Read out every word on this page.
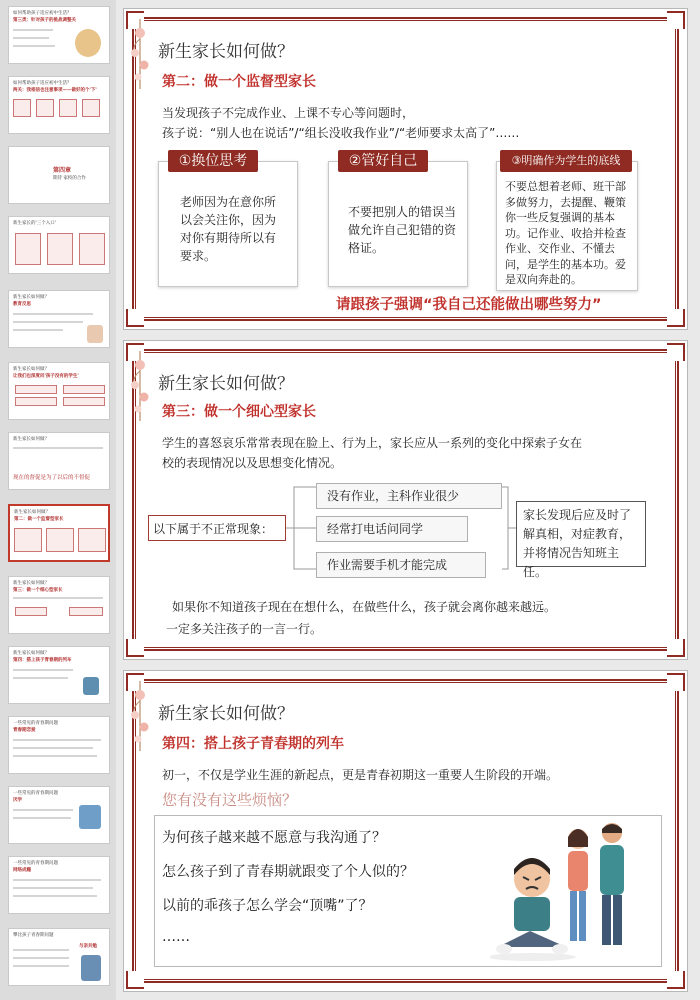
如何帮助孩子适应初中生活？
第三类：针对孩子的挑战调整关
如何帮助孩子适应初中生活？
两关：我相信也注意事项——做好的个'下'
第四章
期待 家校的合作
新生家长的'三个入口'
新生家长如何做？
教育反思
新生家长如何做？
让我们也深度问'孩子没有的学生'
新生家长如何做？
现在的督促是为了以后的不督促
新生家长如何做？
第二：做一个监督型家长
新生家长如何做？
第三：做一个细心型家长
新生家长如何做？
第四：搭上孩子青春期的列车
一些常见的青春期问题
青春期恋爱
一些常见的青春期问题
厌学
一些常见的青春期问题
网络成瘾
攀比孩子青春期问题
与亲共勉
新生家长如何做？
第二：做一个监督型家长
当发现孩子不完成作业、上课不专心等问题时，
孩子说：“别人也在说话”/“组长没收我作业”/“老师要求太高了”……
①换位思考
老师因为在意你所以会关注你，因为对你有期待所以有要求。
②管好自己
不要把别人的错误当做允许自己犯错的资格证。
③明确作为学生的底线
不要总想着老师、班干部多做努力，去提醒、鞭策你一些反复强调的基本功。记作业、收拾并检查作业、交作业、不懂去问，是学生的基本功。爱是双向奔赴的。
请跟孩子强调“我自己还能做出哪些努力”
新生家长如何做？
第三：做一个细心型家长
学生的喜怒哀乐常常表现在脸上、行为上，家长应从一系列的变化中探索子女在
校的表现情况以及思想变化情况。
以下属于不正常现象：
没有作业，主科作业很少
经常打电话问同学
作业需要手机才能完成
家长发现后应及时了解真相，对症教育，并将情况告知班主任。
如果你不知道孩子现在在想什么，在做些什么，孩子就会离你越来越远。
一定多关注孩子的一言一行。
新生家长如何做？
第四：搭上孩子青春期的列车
初一，不仅是学业生涯的新起点，更是青春初期这一重要人生阶段的开端。
您有没有这些烦恼？
为何孩子越来越不愿意与我沟通了？
怎么孩子到了青春期就跟变了个人似的？
以前的乖孩子怎么学会“顶嘴”了？
……
